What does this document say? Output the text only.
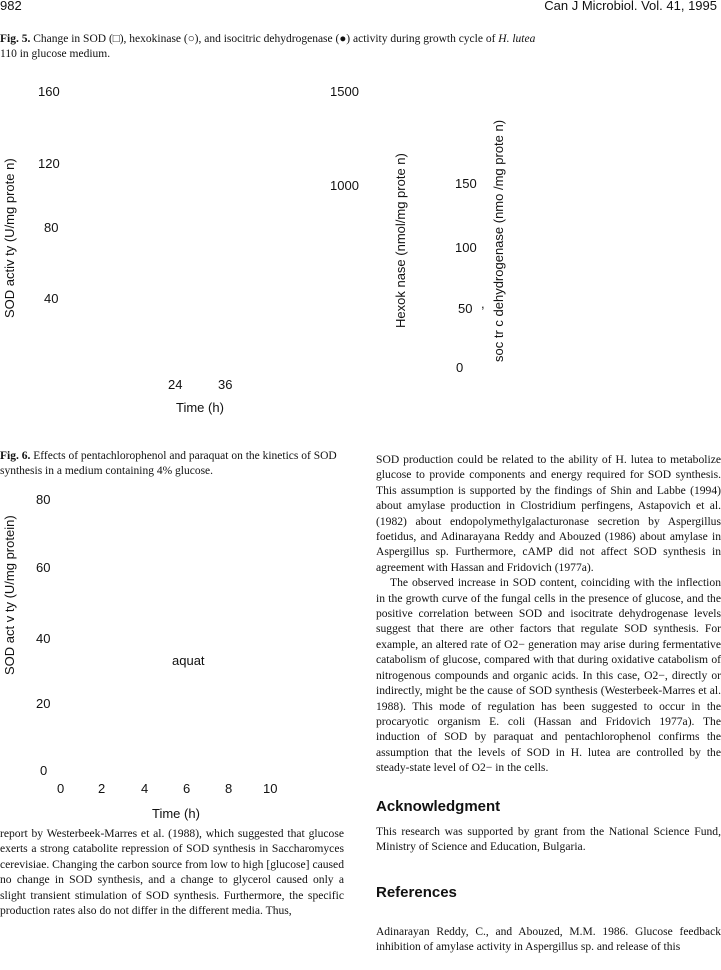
982	Can J Microbiol. Vol. 41, 1995
Fig. 5. Change in SOD (□), hexokinase (○), and isocitric dehydrogenase (●) activity during growth cycle of H. lutea 110 in glucose medium.
160
120
80
40
SOD activ ty (U/mg prote n)
1500
1000	Hexok nase (nmol/mg prote n)	150
100
50 ,
0
soc tr c dehydrogenase (nmo /mg prote n)
24	36
Time (h)
Fig. 6. Effects of pentachlorophenol and paraquat on the kinetics of SOD synthesis in a medium containing 4% glucose.
80
60
40
20
0
SOD act v ty (U/mg protein)	aquat
0	2	4	6	8 10
Time (h)

report by Westerbeek-Marres et al. (1988), which suggested that glucose exerts a strong catabolite repression of SOD synthesis in Saccharomyces cerevisiae. Changing the carbon source from low to high [glucose] caused no change in SOD synthesis, and a change to glycerol caused only a slight transient stimulation of SOD synthesis. Furthermore, the specific production rates also do not differ in the different media. Thus,

SOD production could be related to the ability of H. lutea to metabolize glucose to provide components and energy required for SOD synthesis. This assumption is supported by the findings of Shin and Labbe (1994) about amylase production in Clostridium perfingens, Astapovich et al. (1982) about endopolymethylgalacturonase secretion by Aspergillus foetidus, and Adinarayana Reddy and Abouzed (1986) about amylase in Aspergillus sp. Furthermore, cAMP did not affect SOD synthesis in agreement with Hassan and Fridovich (1977a).

The observed increase in SOD content, coinciding with the inflection in the growth curve of the fungal cells in the presence of glucose, and the positive correlation between SOD and isocitrate dehydrogenase levels suggest that there are other factors that regulate SOD synthesis. For example, an altered rate of O2− generation may arise during fermentative catabolism of glucose, compared with that during oxidative catabolism of nitrogenous compounds and organic acids. In this case, O2−, directly or indirectly, might be the cause of SOD synthesis (Westerbeek-Marres et al. 1988). This mode of regulation has been suggested to occur in the procaryotic organism E. coli (Hassan and Fridovich 1977a). The induction of SOD by paraquat and pentachlorophenol confirms the assumption that the levels of SOD in H. lutea are controlled by the steady-state level of O2− in the cells.

Acknowledgment

This research was supported by grant from the National Science Fund, Ministry of Science and Education, Bulgaria.

References
Adinarayan Reddy, C., and Abouzed, M.M. 1986. Glucose feedback inhibition of amylase activity in Aspergillus sp. and release of this
